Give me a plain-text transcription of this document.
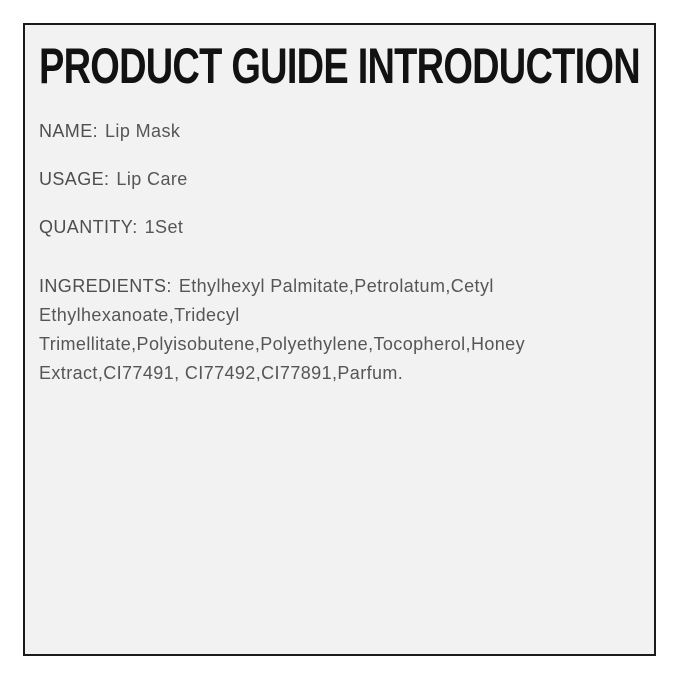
PRODUCT GUIDE INTRODUCTION
NAME: Lip Mask
USAGE: Lip Care
QUANTITY: 1Set
INGREDIENTS: Ethylhexyl Palmitate,Petrolatum,Cetyl Ethylhexanoate,Tridecyl Trimellitate,Polyisobutene,Polyethylene,Tocopherol,Honey Extract,CI77491, CI77492,CI77891,Parfum.
